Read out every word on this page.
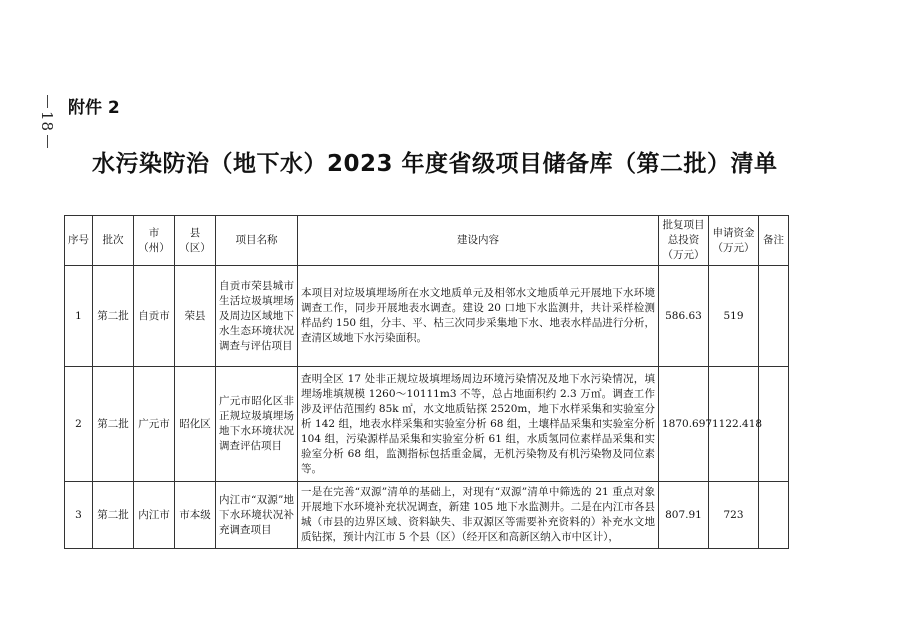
18
附件 2
水污染防治（地下水）2023 年度省级项目储备库（第二批）清单
序号	批次	市（州）	县（区）	项目名称	建设内容	批复项目总投资（万元）	申请资金（万元）	备注
1	第二批	自贡市	荣县	自贡市荣县城市生活垃圾填埋场及周边区域地下水生态环境状况调查与评估项目	本项目对垃圾填埋场所在水文地质单元及相邻水文地质单元开展地下水环境调查工作，同步开展地表水调查。建设 20 口地下水监测井，共计采样检测样品约 150 组，分丰、平、枯三次同步采集地下水、地表水样品进行分析，查清区域地下水污染面积。	586.63	519	
2	第二批	广元市	昭化区	广元市昭化区非正规垃圾填埋场地下水环境状况调查评估项目	查明全区 17 处非正规垃圾填埋场周边环境污染情况及地下水污染情况，填埋场堆填规模 1260～10111m3 不等，总占地面积约 2.3 万㎡。调查工作涉及评估范围约 85k ㎡，水文地质钻探 2520m，地下水样采集和实验室分析 142 组，地表水样采集和实验室分析 68 组，土壤样品采集和实验室分析 104 组，污染源样品采集和实验室分析 61 组，水质氢同位素样品采集和实验室分析 68 组，监测指标包括重金属，无机污染物及有机污染物及同位素等。	1870.697	1122.418	
3	第二批	内江市	市本级	内江市“双源”地下水环境状况补充调查项目	一是在完善“双源”清单的基础上，对现有“双源”清单中筛选的 21 重点对象开展地下水环境补充状况调查，新建 105 地下水监测井。二是在内江市各县城（市县的边界区域、资料缺失、非双源区等需要补充资料的）补充水文地质钻探，预计内江市 5 个县（区）（经开区和高新区纳入市中区计），	807.91	723	
